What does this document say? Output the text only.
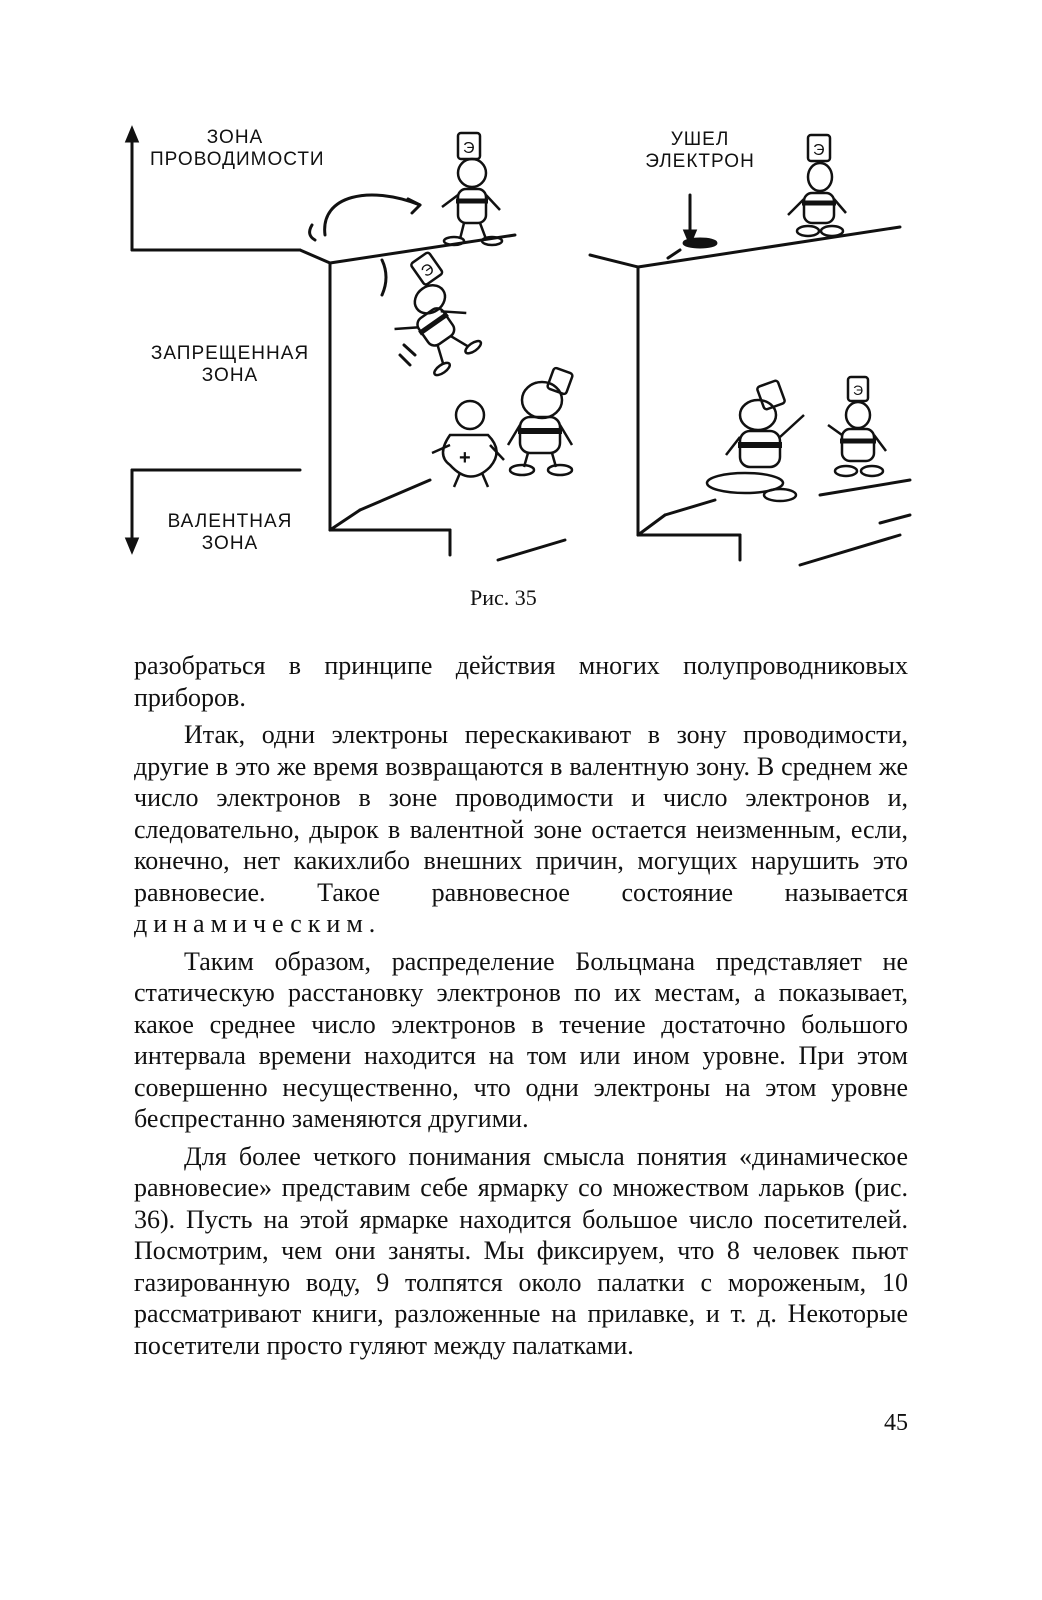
Э
Э
+
Э
Э
ЗОНА
ПРОВОДИМОСТИ
ЗАПРЕЩЕННАЯ
ЗОНА
ВАЛЕНТНАЯ
ЗОНА
УШЕЛ
ЭЛЕКТРОН
Рис. 35

разобраться в принципе действия многих полупроводниковых приборов.

Итак, одни электроны перескакивают в зону проводимости, другие в это же время возвращаются в валентную зону. В среднем же число электронов в зоне проводимости и число электронов и, следовательно, дырок в валентной зоне остается неизменным, если, конечно, нет какихлибо внешних причин, могущих нарушить это равновесие. Такое равновесное состояние называется динамическим.

Таким образом, распределение Больцмана представляет не статическую расстановку электронов по их местам, а показывает, какое среднее число электронов в течение достаточно большого интервала времени находится на том или ином уровне. При этом совершенно несущественно, что одни электроны на этом уровне беспрестанно заменяются другими.

Для более четкого понимания смысла понятия «динамическое равновесие» представим себе ярмарку со множеством ларьков (рис. 36). Пусть на этой ярмарке находится большое число посетителей. Посмотрим, чем они заняты. Мы фиксируем, что 8 человек пьют газированную воду, 9 толпятся около палатки с мороженым, 10 рассматривают книги, разложенные на прилавке, и т. д. Некоторые посетители просто гуляют между палатками.

45
